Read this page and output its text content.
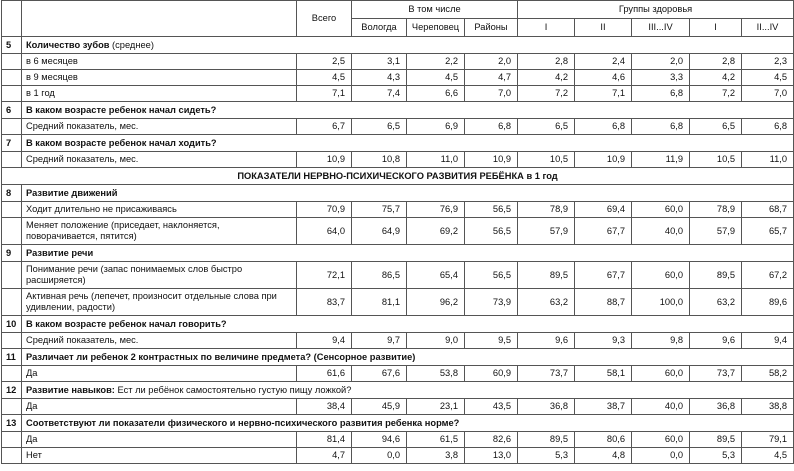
		Всего	В том числе			Группы здоровья				
			Вологда	Череповец	Районы	I	II	III...IV	I	II...IV
5	Количество зубов (среднее)									
	в 6 месяцев	2,5	3,1	2,2	2,0	2,8	2,4	2,0	2,8	2,3
	в 9 месяцев	4,5	4,3	4,5	4,7	4,2	4,6	3,3	4,2	4,5
	в 1 год	7,1	7,4	6,6	7,0	7,2	7,1	6,8	7,2	7,0
6	В каком возрасте ребенок начал сидеть?									
	Средний показатель, мес.	6,7	6,5	6,9	6,8	6,5	6,8	6,8	6,5	6,8
7	В каком возрасте ребенок начал ходить?									
	Средний показатель, мес.	10,9	10,8	11,0	10,9	10,5	10,9	11,9	10,5	11,0
ПОКАЗАТЕЛИ НЕРВНО-ПСИХИЧЕСКОГО РАЗВИТИЯ РЕБЁНКА в 1 год										
8	Развитие движений									
	Ходит длительно не присаживаясь	70,9	75,7	76,9	56,5	78,9	69,4	60,0	78,9	68,7
	Меняет положение (приседает, наклоняется, поворачивается, пятится)	64,0	64,9	69,2	56,5	57,9	67,7	40,0	57,9	65,7
9	Развитие речи									
	Понимание речи (запас понимаемых слов быстро расширяется)	72,1	86,5	65,4	56,5	89,5	67,7	60,0	89,5	67,2
	Активная речь (лепечет, произносит отдельные слова при удивлении, радости)	83,7	81,1	96,2	73,9	63,2	88,7	100,0	63,2	89,6
10	В каком возрасте ребенок начал говорить?									
	Средний показатель, мес.	9,4	9,7	9,0	9,5	9,6	9,3	9,8	9,6	9,4
11	Различает ли ребенок 2 контрастных по величине предмета? (Сенсорное развитие)									
	Да	61,6	67,6	53,8	60,9	73,7	58,1	60,0	73,7	58,2
12	Развитие навыков: Ест ли ребёнок самостоятельно густую пищу ложкой?									
	Да	38,4	45,9	23,1	43,5	36,8	38,7	40,0	36,8	38,8
13	Соответствуют ли показатели физического и нервно-психического развития ребенка норме?									
	Да	81,4	94,6	61,5	82,6	89,5	80,6	60,0	89,5	79,1
	Нет	4,7	0,0	3,8	13,0	5,3	4,8	0,0	5,3	4,5
